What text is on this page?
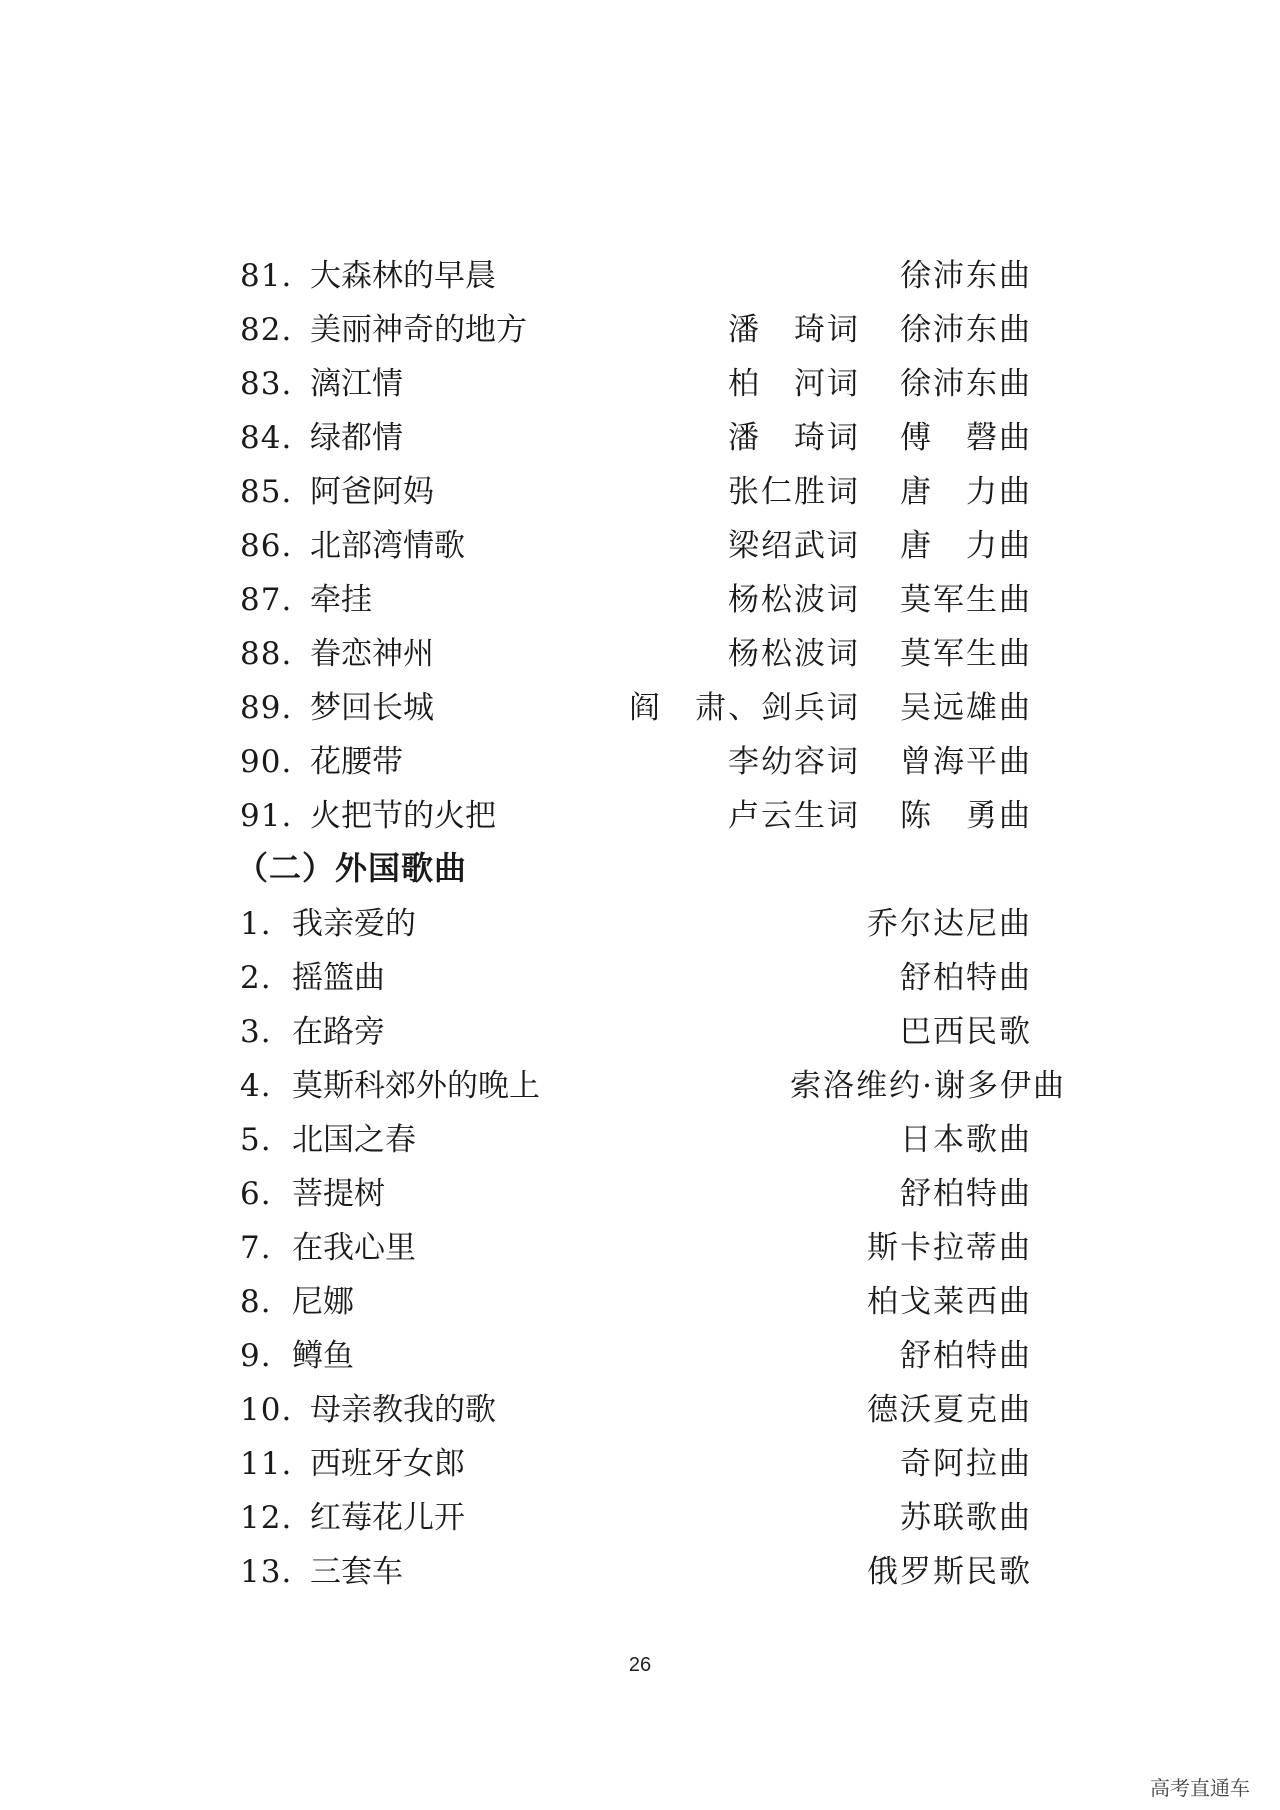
81. 大森林的早晨	徐沛东曲
82. 美丽神奇的地方	潘　琦词 徐沛东曲
83. 漓江情	柏　河词 徐沛东曲
84. 绿都情	潘　琦词 傅　磬曲
85. 阿爸阿妈	张仁胜词 唐　力曲
86. 北部湾情歌	梁绍武词 唐　力曲
87. 牵挂	杨松波词 莫军生曲
88. 眷恋神州	杨松波词 莫军生曲
89. 梦回长城	阎　肃、剑兵词 吴远雄曲
90. 花腰带	李幼容词 曾海平曲
91. 火把节的火把	卢云生词 陈　勇曲
（二）外国歌曲
1. 我亲爱的	乔尔达尼曲
2. 摇篮曲	舒柏特曲
3. 在路旁	巴西民歌
4. 莫斯科郊外的晚上	索洛维约·谢多伊曲
5. 北国之春	日本歌曲
6. 菩提树	舒柏特曲
7. 在我心里	斯卡拉蒂曲
8. 尼娜	柏戈莱西曲
9. 鳟鱼	舒柏特曲
10. 母亲教我的歌	德沃夏克曲
11. 西班牙女郎	奇阿拉曲
12. 红莓花儿开	苏联歌曲
13. 三套车	俄罗斯民歌
26
高考直通车
